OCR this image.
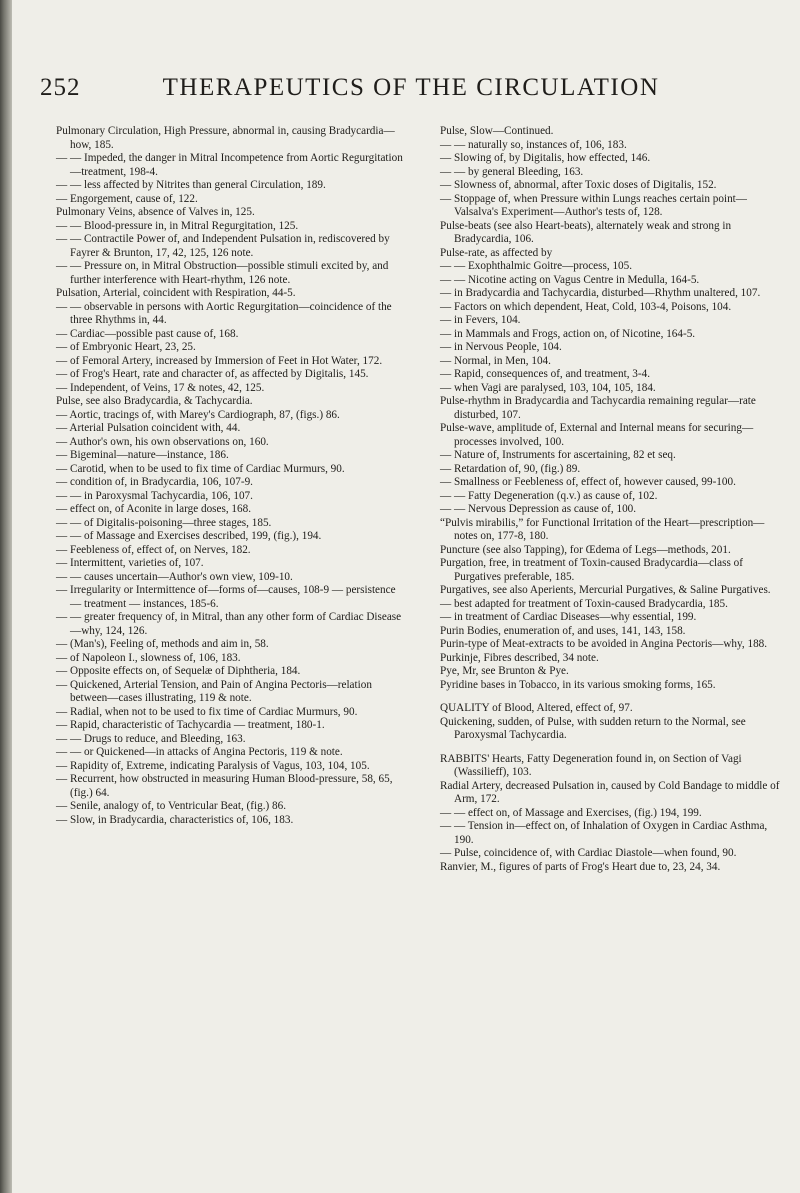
252	THERAPEUTICS OF THE CIRCULATION

Pulmonary Circulation, High Pressure, abnormal in, causing Bradycardia—how, 185.

— — Impeded, the danger in Mitral Incompetence from Aortic Regurgitation—treatment, 198-4.

— — less affected by Nitrites than general Circulation, 189.

— Engorgement, cause of, 122.

Pulmonary Veins, absence of Valves in, 125.

— — Blood-pressure in, in Mitral Regurgitation, 125.

— — Contractile Power of, and Independent Pulsation in, rediscovered by Fayrer & Brunton, 17, 42, 125, 126 note.

— — Pressure on, in Mitral Obstruction—possible stimuli excited by, and further interference with Heart-rhythm, 126 note.

Pulsation, Arterial, coincident with Respiration, 44-5.

— — observable in persons with Aortic Regurgitation—coincidence of the three Rhythms in, 44.

— Cardiac—possible past cause of, 168.

— of Embryonic Heart, 23, 25.

— of Femoral Artery, increased by Immersion of Feet in Hot Water, 172.

— of Frog's Heart, rate and character of, as affected by Digitalis, 145.

— Independent, of Veins, 17 & notes, 42, 125.

Pulse, see also Bradycardia, & Tachycardia.

— Aortic, tracings of, with Marey's Cardiograph, 87, (figs.) 86.

— Arterial Pulsation coincident with, 44.

— Author's own, his own observations on, 160.

— Bigeminal—nature—instance, 186.

— Carotid, when to be used to fix time of Cardiac Murmurs, 90.

— condition of, in Bradycardia, 106, 107-9.

— — in Paroxysmal Tachycardia, 106, 107.

— effect on, of Aconite in large doses, 168.

— — of Digitalis-poisoning—three stages, 185.

— — of Massage and Exercises described, 199, (fig.), 194.

— Feebleness of, effect of, on Nerves, 182.

— Intermittent, varieties of, 107.

— — causes uncertain—Author's own view, 109-10.

— Irregularity or Intermittence of—forms of—causes, 108-9 — persistence — treatment — instances, 185-6.

— — greater frequency of, in Mitral, than any other form of Cardiac Disease—why, 124, 126.

— (Man's), Feeling of, methods and aim in, 58.

— of Napoleon I., slowness of, 106, 183.

— Opposite effects on, of Sequelæ of Diphtheria, 184.

— Quickened, Arterial Tension, and Pain of Angina Pectoris—relation between—cases illustrating, 119 & note.

— Radial, when not to be used to fix time of Cardiac Murmurs, 90.

— Rapid, characteristic of Tachycardia — treatment, 180-1.

— — Drugs to reduce, and Bleeding, 163.

— — or Quickened—in attacks of Angina Pectoris, 119 & note.

— Rapidity of, Extreme, indicating Paralysis of Vagus, 103, 104, 105.

— Recurrent, how obstructed in measuring Human Blood-pressure, 58, 65, (fig.) 64.

— Senile, analogy of, to Ventricular Beat, (fig.) 86.

— Slow, in Bradycardia, characteristics of, 106, 183.

Pulse, Slow—Continued.

— — naturally so, instances of, 106, 183.

— Slowing of, by Digitalis, how effected, 146.

— — by general Bleeding, 163.

— Slowness of, abnormal, after Toxic doses of Digitalis, 152.

— Stoppage of, when Pressure within Lungs reaches certain point—Valsalva's Experiment—Author's tests of, 128.

Pulse-beats (see also Heart-beats), alternately weak and strong in Bradycardia, 106.

Pulse-rate, as affected by

— — Exophthalmic Goitre—process, 105.

— — Nicotine acting on Vagus Centre in Medulla, 164-5.

— in Bradycardia and Tachycardia, disturbed—Rhythm unaltered, 107.

— Factors on which dependent, Heat, Cold, 103-4, Poisons, 104.

— in Fevers, 104.

— in Mammals and Frogs, action on, of Nicotine, 164-5.

— in Nervous People, 104.

— Normal, in Men, 104.

— Rapid, consequences of, and treatment, 3-4.

— when Vagi are paralysed, 103, 104, 105, 184.

Pulse-rhythm in Bradycardia and Tachycardia remaining regular—rate disturbed, 107.

Pulse-wave, amplitude of, External and Internal means for securing—processes involved, 100.

— Nature of, Instruments for ascertaining, 82 et seq.

— Retardation of, 90, (fig.) 89.

— Smallness or Feebleness of, effect of, however caused, 99-100.

— — Fatty Degeneration (q.v.) as cause of, 102.

— — Nervous Depression as cause of, 100.

“Pulvis mirabilis,” for Functional Irritation of the Heart—prescription—notes on, 177-8, 180.

Puncture (see also Tapping), for Œdema of Legs—methods, 201.

Purgation, free, in treatment of Toxin-caused Bradycardia—class of Purgatives preferable, 185.

Purgatives, see also Aperients, Mercurial Purgatives, & Saline Purgatives.

— best adapted for treatment of Toxin-caused Bradycardia, 185.

— in treatment of Cardiac Diseases—why essential, 199.

Purin Bodies, enumeration of, and uses, 141, 143, 158.

Purin-type of Meat-extracts to be avoided in Angina Pectoris—why, 188.

Purkinje, Fibres described, 34 note.

Pye, Mr, see Brunton & Pye.

Pyridine bases in Tobacco, in its various smoking forms, 165.

QUALITY of Blood, Altered, effect of, 97.

Quickening, sudden, of Pulse, with sudden return to the Normal, see Paroxysmal Tachycardia.

RABBITS' Hearts, Fatty Degeneration found in, on Section of Vagi (Wassilieff), 103.

Radial Artery, decreased Pulsation in, caused by Cold Bandage to middle of Arm, 172.

— — effect on, of Massage and Exercises, (fig.) 194, 199.

— — Tension in—effect on, of Inhalation of Oxygen in Cardiac Asthma, 190.

— Pulse, coincidence of, with Cardiac Diastole—when found, 90.

Ranvier, M., figures of parts of Frog's Heart due to, 23, 24, 34.
